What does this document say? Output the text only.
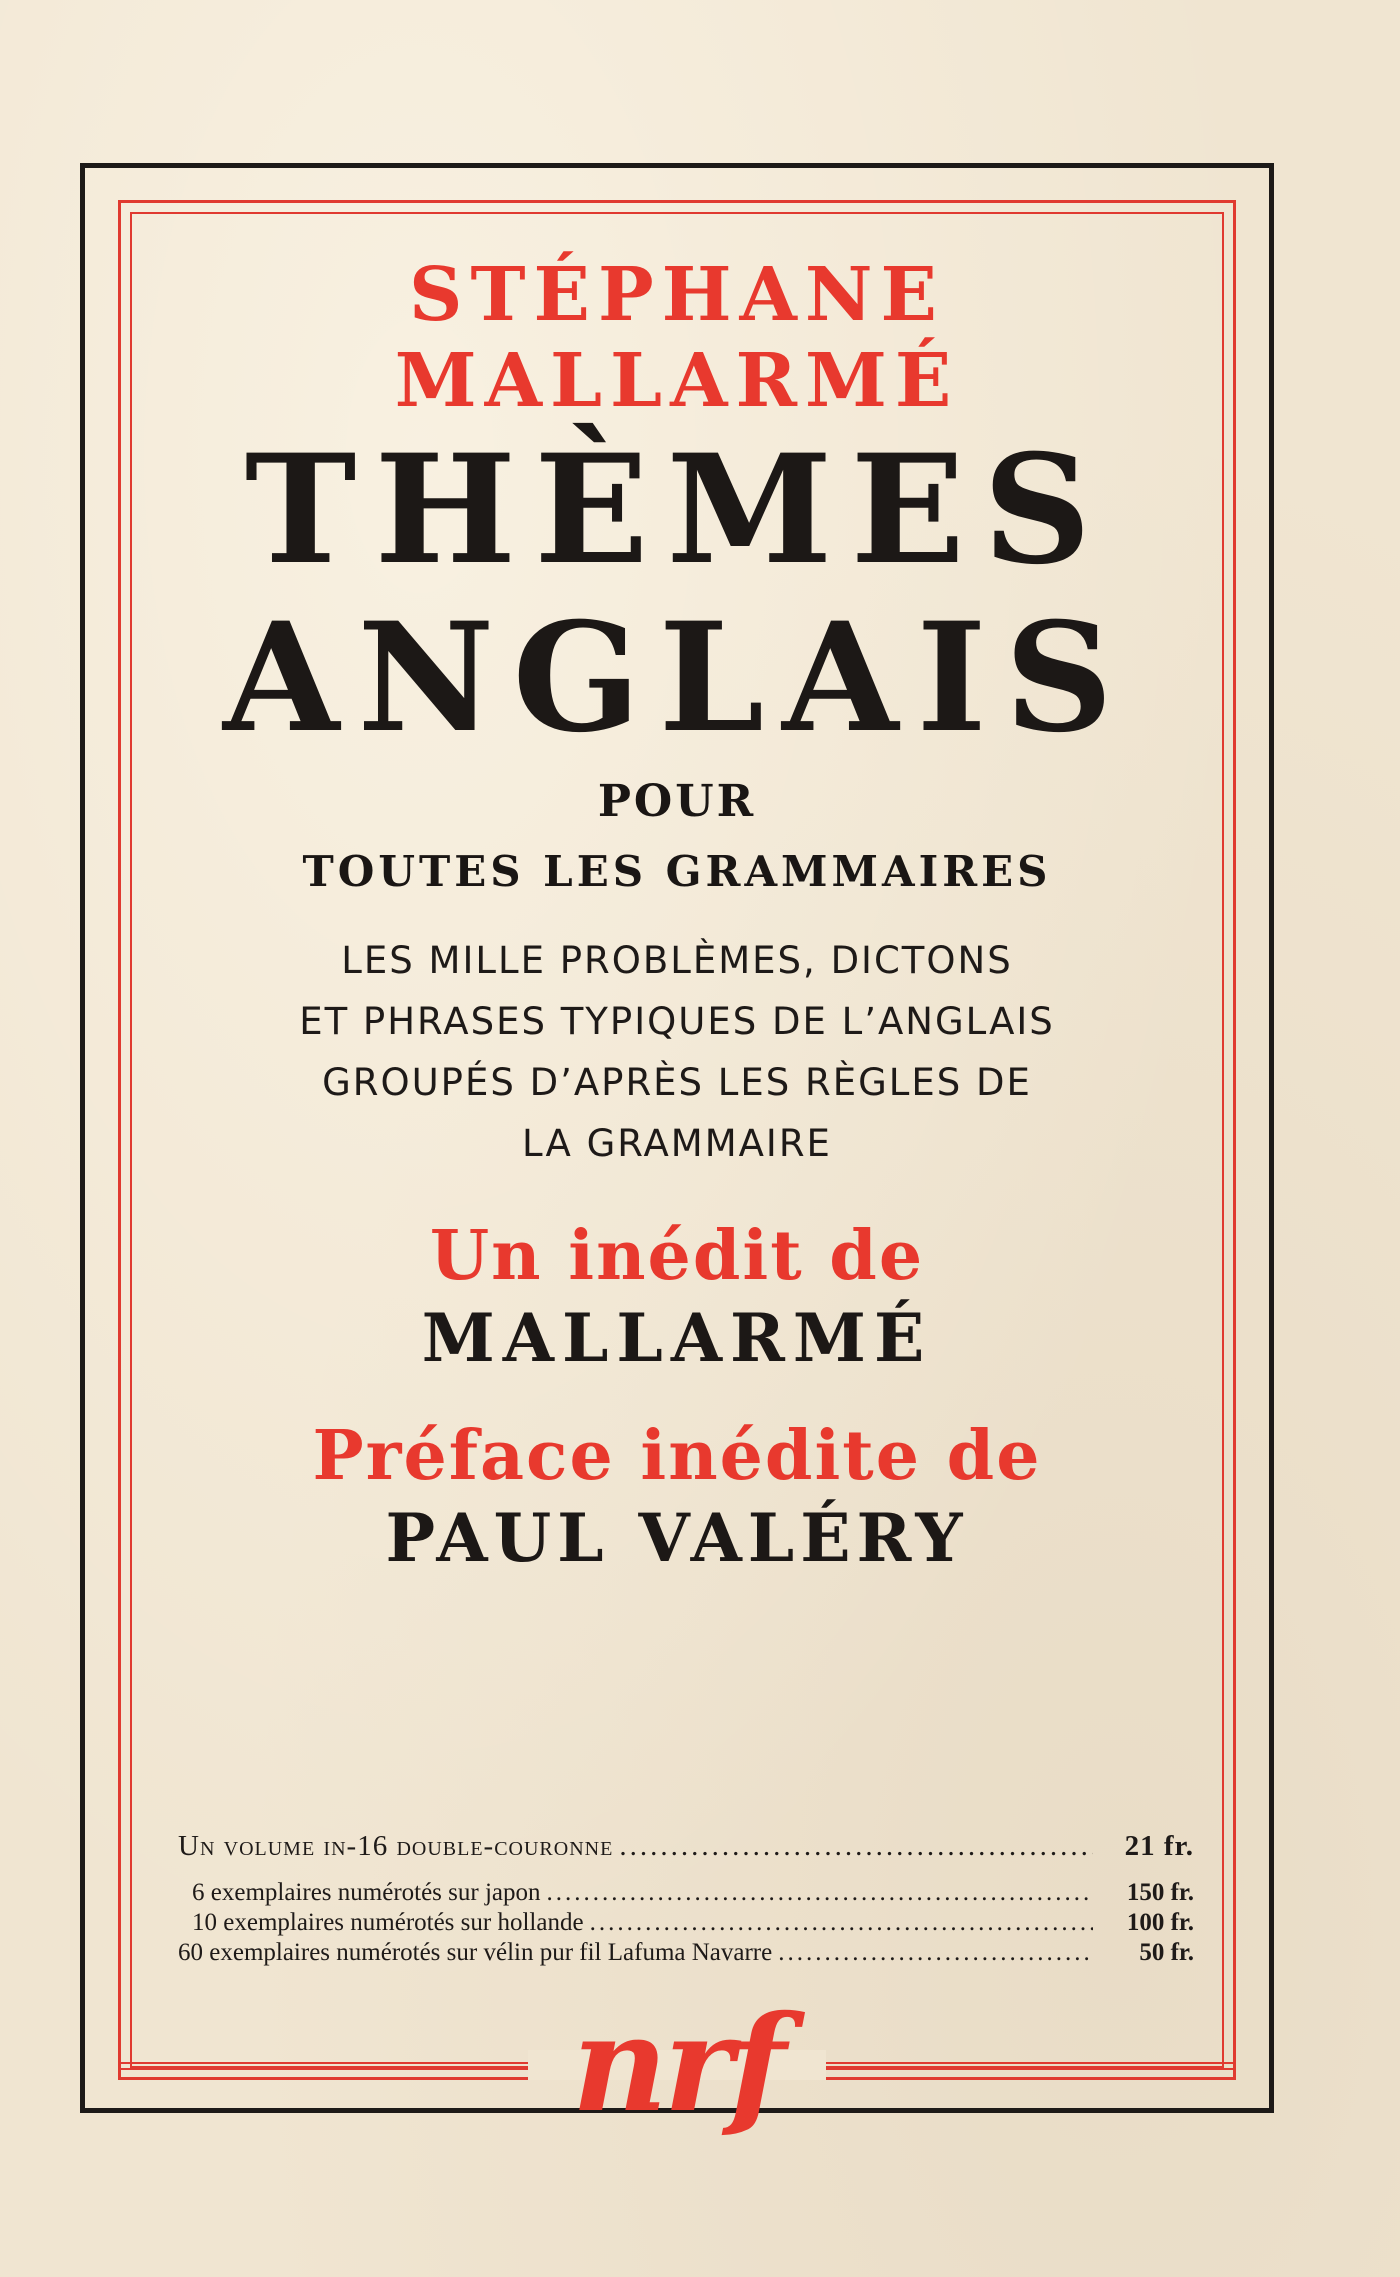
STÉPHANE
MALLARMÉ
THÈMES
ANGLAIS
POUR
TOUTES LES GRAMMAIRES
LES MILLE PROBLÈMES, DICTONS
ET PHRASES TYPIQUES DE L’ANGLAIS
GROUPÉS D’APRÈS LES RÈGLES DE
LA GRAMMAIRE
Un inédit de
MALLARMÉ
Préface inédite de
PAUL VALÉRY
Un volume in-16 double-couronne .....	21 fr.
6 exemplaires numérotés sur japon .....	150 fr.
10 exemplaires numérotés sur hollande .....	100 fr.
60 exemplaires numérotés sur vélin pur fil Lafuma Navarre .....	50 fr.
nrf
